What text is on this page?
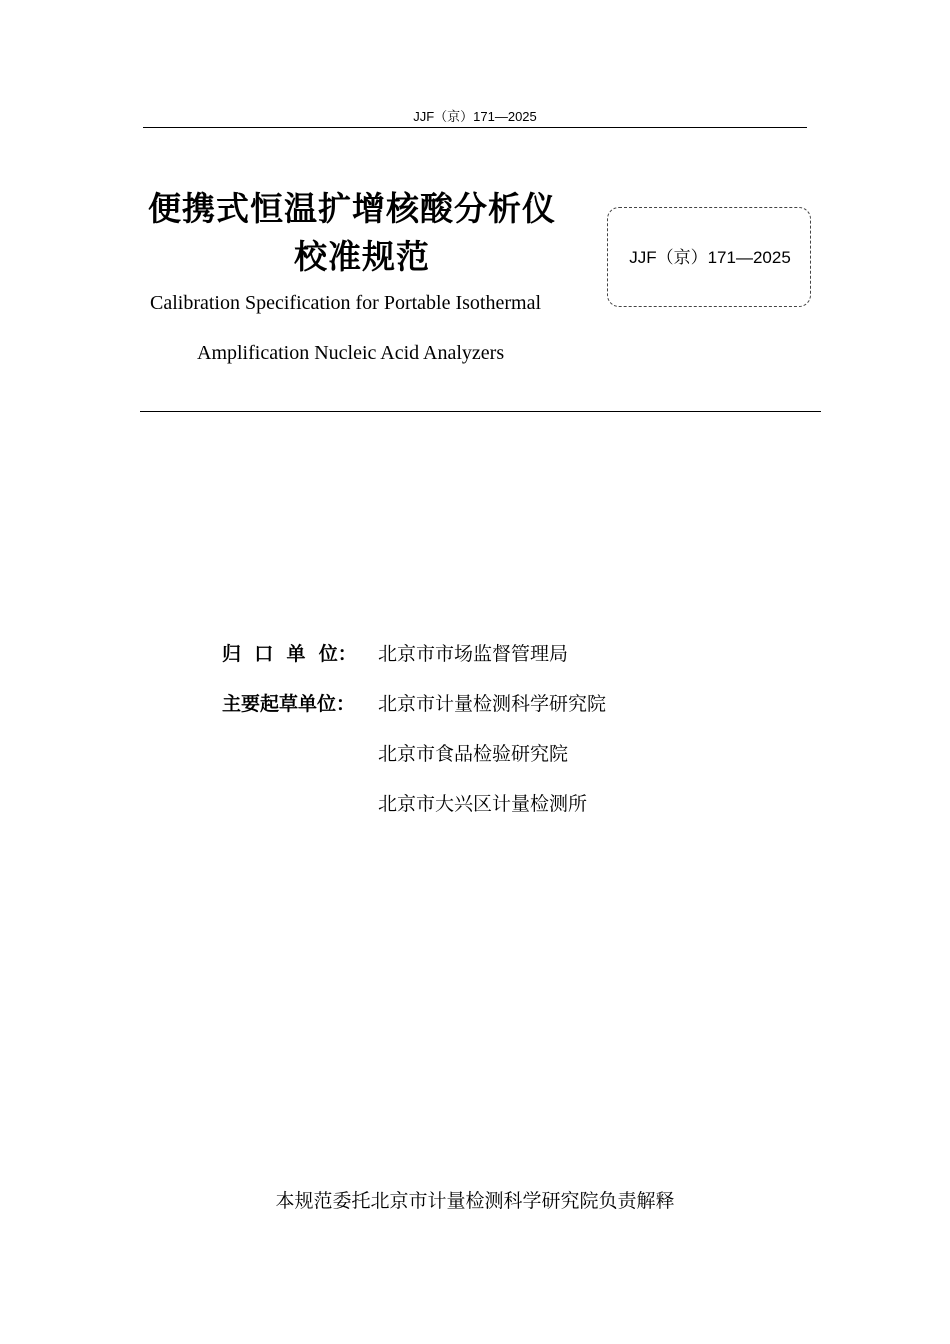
JJF（京）171—2025
便携式恒温扩增核酸分析仪
校准规范
Calibration Specification for Portable Isothermal
Amplification Nucleic Acid Analyzers
JJF（京）171—2025
归  口  单  位：	北京市市场监督管理局
主要起草单位：	北京市计量检测科学研究院
北京市食品检验研究院
北京市大兴区计量检测所
本规范委托北京市计量检测科学研究院负责解释
